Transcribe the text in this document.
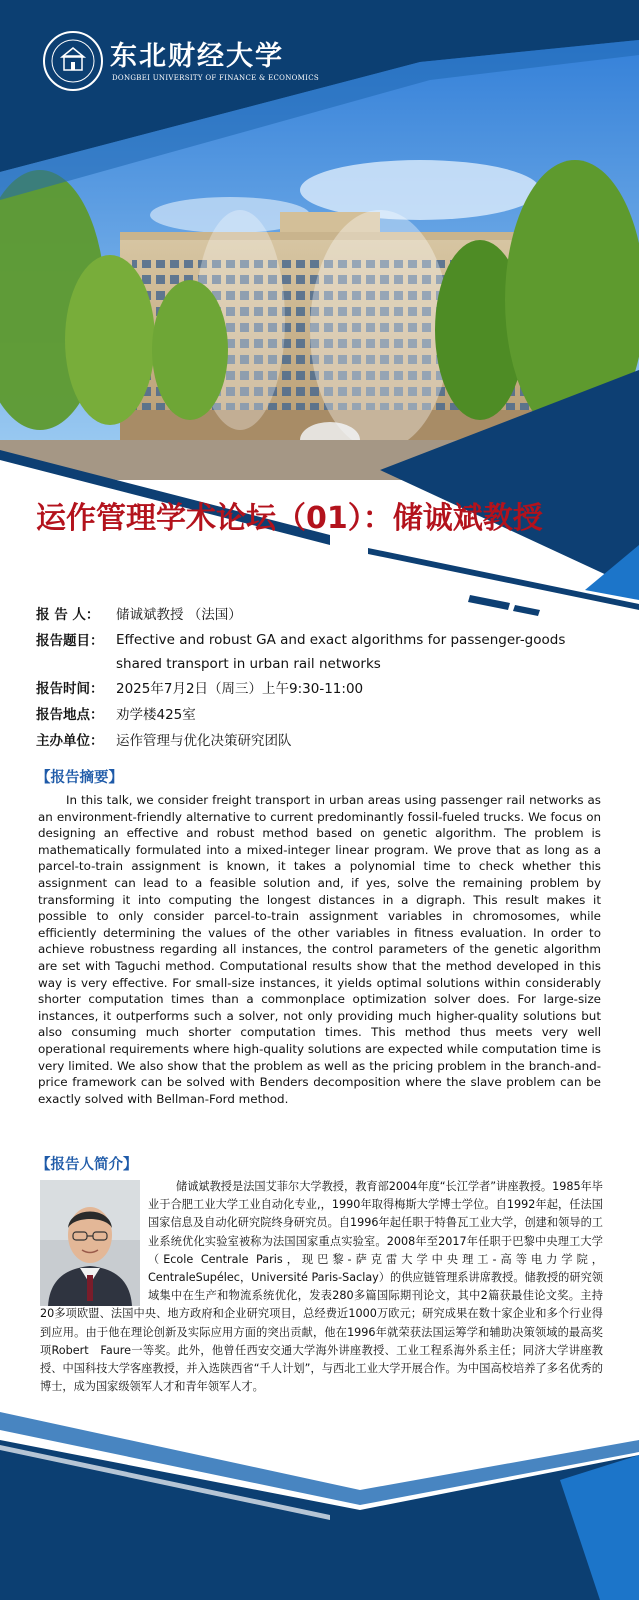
东北财经大学
DONGBEI UNIVERSITY OF FINANCE & ECONOMICS
运作管理学术论坛（01）：储诚斌教授
报 告 人：	储诚斌教授 （法国）
报告题目： Effective and robust GA and exact algorithms for passenger-goods shared transport in urban rail networks
报告时间： 2025年7月2日（周三）上午9:30-11:00
报告地点： 劝学楼425室
主办单位： 运作管理与优化决策研究团队
【报告摘要】
In this talk, we consider freight transport in urban areas using passenger rail networks as an environment-friendly alternative to current predominantly fossil-fueled trucks. We focus on designing an effective and robust method based on genetic algorithm. The problem is mathematically formulated into a mixed-integer linear program. We prove that as long as a parcel-to-train assignment is known, it takes a polynomial time to check whether this assignment can lead to a feasible solution and, if yes, solve the remaining problem by transforming it into computing the longest distances in a digraph. This result makes it possible to only consider parcel-to-train assignment variables in chromosomes, while efficiently determining the values of the other variables in fitness evaluation. In order to achieve robustness regarding all instances, the control parameters of the genetic algorithm are set with Taguchi method. Computational results show that the method developed in this way is very effective. For small-size instances, it yields optimal solutions within considerably shorter computation times than a commonplace optimization solver does. For large-size instances, it outperforms such a solver, not only providing much higher-quality solutions but also consuming much shorter computation times. This method thus meets very well operational requirements where high-quality solutions are expected while computation time is very limited. We also show that the problem as well as the pricing problem in the branch-and-price framework can be solved with Benders decomposition where the slave problem can be exactly solved with Bellman-Ford method.
【报告人简介】
储诚斌教授是法国艾菲尔大学教授，教育部2004年度“长江学者”讲座教授。1985年毕业于合肥工业大学工业自动化专业,，1990年取得梅斯大学博士学位。自1992年起，任法国国家信息及自动化研究院终身研究员。自1996年起任职于特鲁瓦工业大学，创建和领导的工业系统优化实验室被称为法国国家重点实验室。2008年至2017年任职于巴黎中央理工大学（Ecole Centrale Paris，现巴黎-萨克雷大学中央理工-高等电力学院，CentraleSupélec，Université Paris-Saclay）的供应链管理系讲席教授。储教授的研究领域集中在生产和物流系统优化，发表280多篇国际期刊论文，其中2篇获最佳论文奖。主持20多项欧盟、法国中央、地方政府和企业研究项目，总经费近1000万欧元；研究成果在数十家企业和多个行业得到应用。由于他在理论创新及实际应用方面的突出贡献，他在1996年就荣获法国运筹学和辅助决策领域的最高奖项Robert　Faure一等奖。此外，他曾任西安交通大学海外讲座教授、工业工程系海外系主任；同济大学讲座教授、中国科技大学客座教授，并入选陕西省“千人计划”，与西北工业大学开展合作。为中国高校培养了多名优秀的博士，成为国家级领军人才和青年领军人才。
